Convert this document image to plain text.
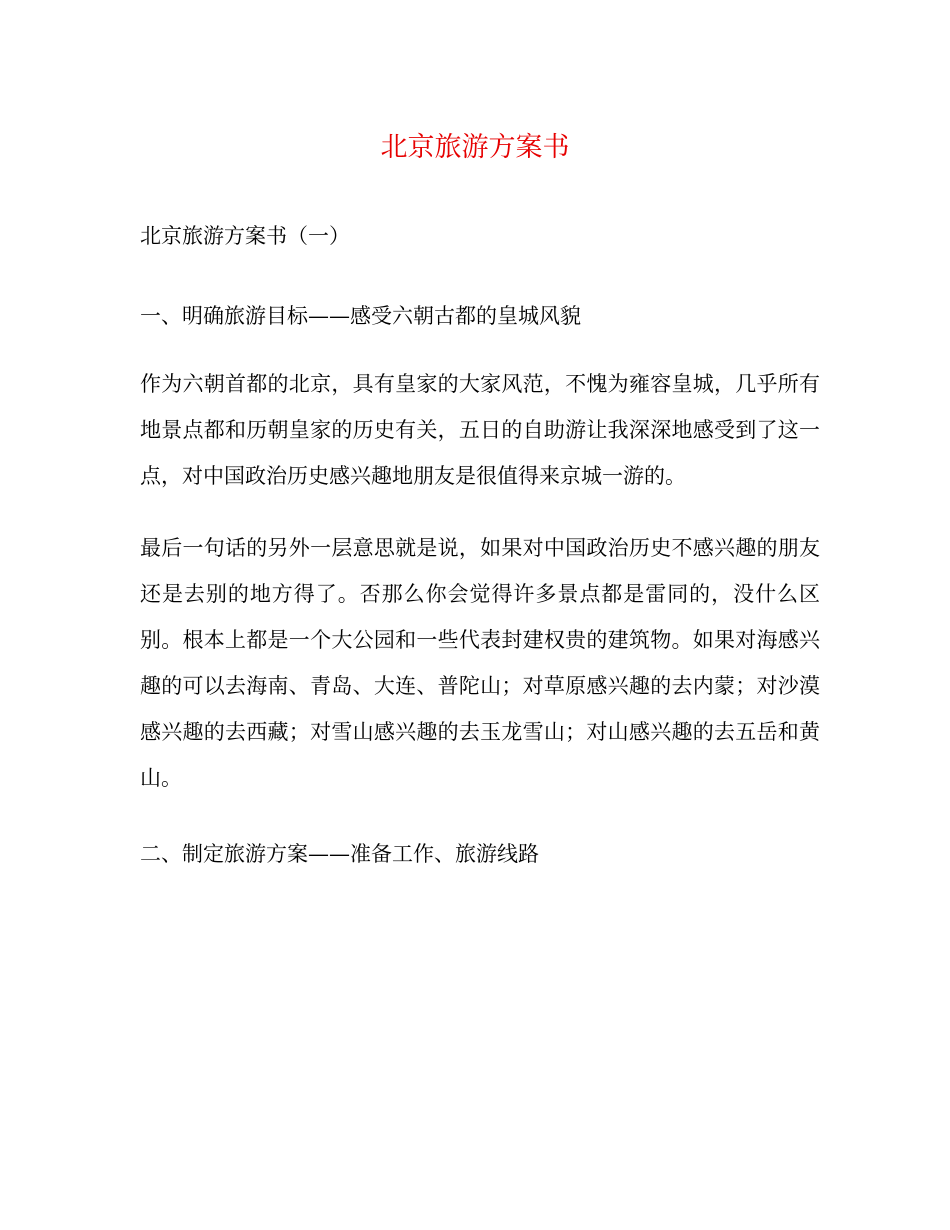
北京旅游方案书

北京旅游方案书（一）

一、明确旅游目标——感受六朝古都的皇城风貌

作为六朝首都的北京，具有皇家的大家风范，不愧为雍容皇城，几乎所有地景点都和历朝皇家的历史有关，五日的自助游让我深深地感受到了这一点，对中国政治历史感兴趣地朋友是很值得来京城一游的。

最后一句话的另外一层意思就是说，如果对中国政治历史不感兴趣的朋友还是去别的地方得了。否那么你会觉得许多景点都是雷同的，没什么区别。根本上都是一个大公园和一些代表封建权贵的建筑物。如果对海感兴趣的可以去海南、青岛、大连、普陀山；对草原感兴趣的去内蒙；对沙漠感兴趣的去西藏；对雪山感兴趣的去玉龙雪山；对山感兴趣的去五岳和黄山。

二、制定旅游方案——准备工作、旅游线路
